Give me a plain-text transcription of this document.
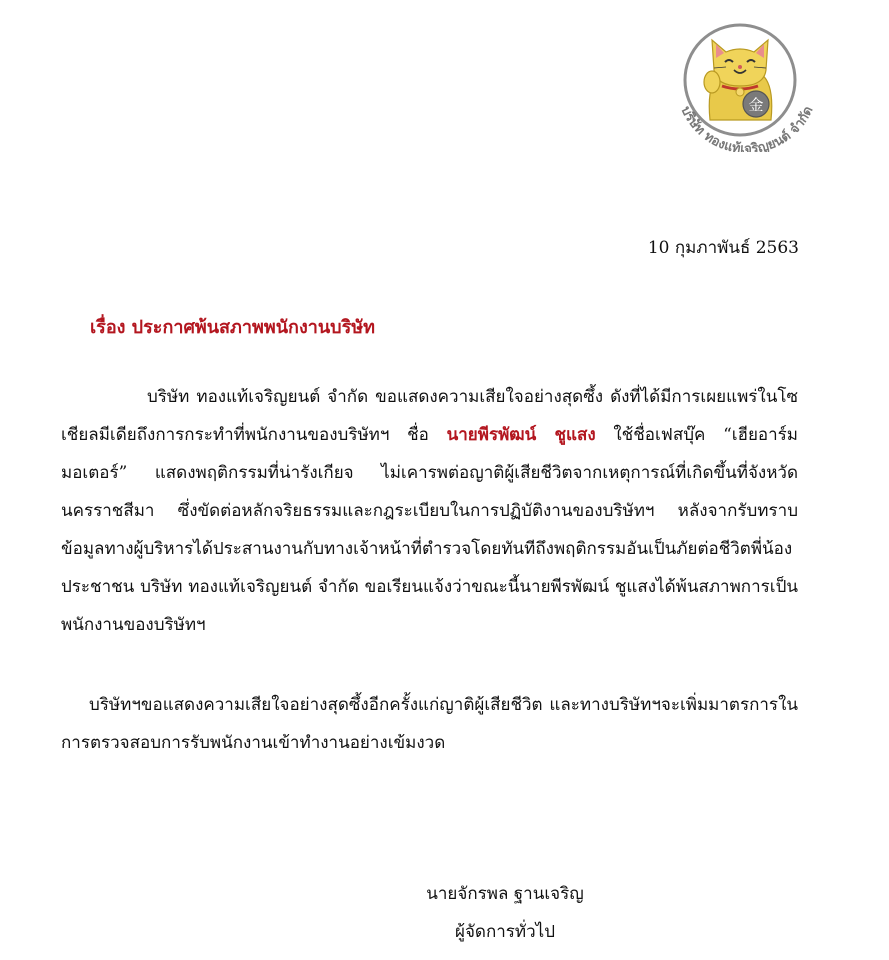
金
บริษัท ทองแท้เจริญยนต์ จำกัด
10 กุมภาพันธ์ 2563
เรื่อง ประกาศพ้นสภาพพนักงานบริษัท

บริษัท ทองแท้เจริญยนต์ จำกัด ขอแสดงความเสียใจอย่างสุดซึ้ง ดังที่ได้มีการเผยแพร่ในโซเชียลมีเดียถึงการกระทำที่พนักงานของบริษัทฯ ชื่อ นายพีรพัฒน์ ชูแสง ใช้ชื่อเฟสบุ๊ค “เฮียอาร์มมอเตอร์” แสดงพฤติกรรมที่น่ารังเกียจ ไม่เคารพต่อญาติผู้เสียชีวิตจากเหตุการณ์ที่เกิดขึ้นที่จังหวัดนครราชสีมา ซึ่งขัดต่อหลักจริยธรรมและกฎระเบียบในการปฏิบัติงานของบริษัทฯ หลังจากรับทราบข้อมูลทางผู้บริหารได้ประสานงานกับทางเจ้าหน้าที่ตำรวจโดยทันทีถึงพฤติกรรมอันเป็นภัยต่อชีวิตพี่น้องประชาชน บริษัท ทองแท้เจริญยนต์ จำกัด ขอเรียนแจ้งว่าขณะนี้นายพีรพัฒน์ ชูแสงได้พ้นสภาพการเป็นพนักงานของบริษัทฯ

บริษัทฯขอแสดงความเสียใจอย่างสุดซึ้งอีกครั้งแก่ญาติผู้เสียชีวิต และทางบริษัทฯจะเพิ่มมาตรการในการตรวจสอบการรับพนักงานเข้าทำงานอย่างเข้มงวด

นายจักรพล ฐานเจริญ
ผู้จัดการทั่วไป
